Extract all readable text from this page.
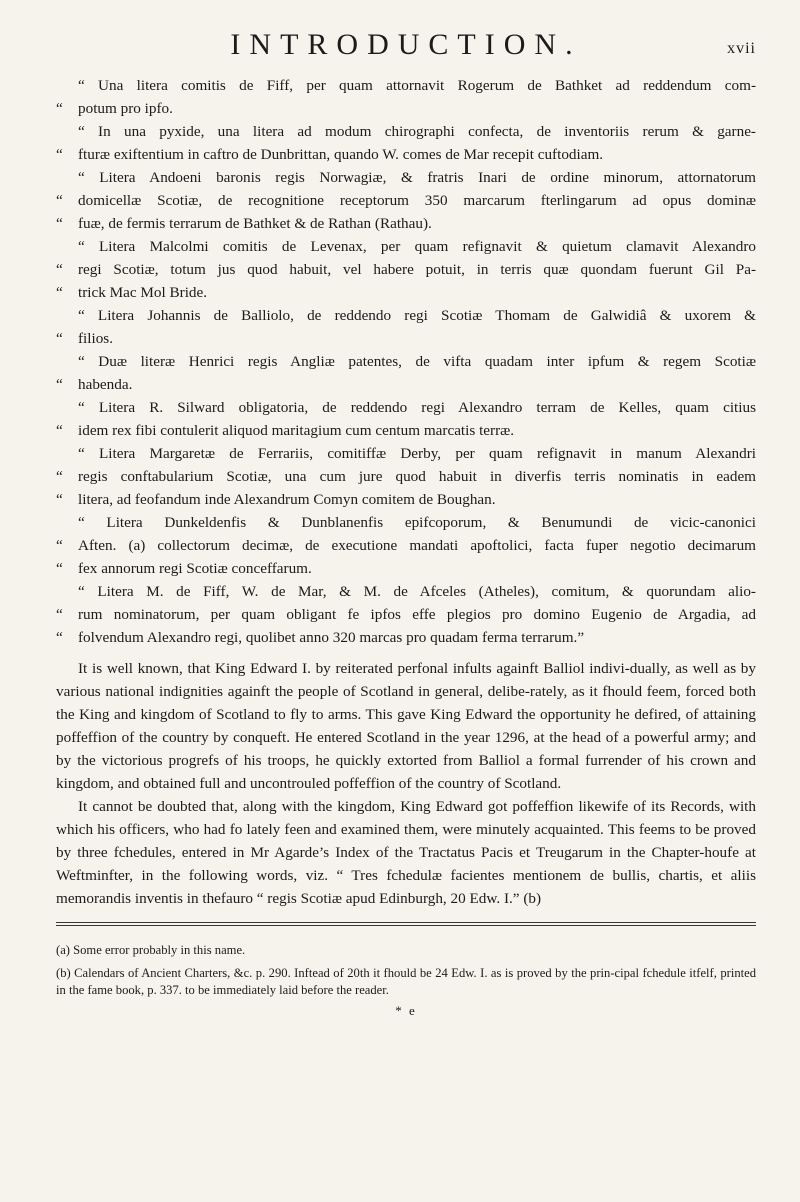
INTRODUCTION.	xvii
“ Una litera comitis de Fiff, per quam attornavit Rogerum de Bathket ad reddendum com-
“ potum pro ipfo.
“ In una pyxide, una litera ad modum chirographi confecta, de inventoriis rerum & garne-
“ fturæ exiftentium in caftro de Dunbrittan, quando W. comes de Mar recepit cuftodiam.
“ Litera Andoeni baronis regis Norwagiæ, & fratris Inari de ordine minorum, attornatorum
“ domicellæ Scotiæ, de recognitione receptorum 350 marcarum fterlingarum ad opus dominæ
“ fuæ, de fermis terrarum de Bathket & de Rathan (Rathau).
“ Litera Malcolmi comitis de Levenax, per quam refignavit & quietum clamavit Alexandro
“ regi Scotiæ, totum jus quod habuit, vel habere potuit, in terris quæ quondam fuerunt Gil Pa-
“ trick Mac Mol Bride.
“ Litera Johannis de Balliolo, de reddendo regi Scotiæ Thomam de Galwidiâ & uxorem &
“ filios.
“ Duæ literæ Henrici regis Angliæ patentes, de vifta quadam inter ipfum & regem Scotiæ
“ habenda.
“ Litera R. Silward obligatoria, de reddendo regi Alexandro terram de Kelles, quam citius
“ idem rex fibi contulerit aliquod maritagium cum centum marcatis terræ.
“ Litera Margaretæ de Ferrariis, comitiffæ Derby, per quam refignavit in manum Alexandri
“ regis conftabularium Scotiæ, una cum jure quod habuit in diverfis terris nominatis in eadem
“ litera, ad feofandum inde Alexandrum Comyn comitem de Boughan.
“ Litera Dunkeldenfis & Dunblanenfis epifcoporum, & Benumundi de vicic-canonici
“ Aften. (a) collectorum decimæ, de executione mandati apoftolici, facta fuper negotio decimarum
“ fex annorum regi Scotiæ conceffarum.
“ Litera M. de Fiff, W. de Mar, & M. de Afceles (Atheles), comitum, & quorundam alio-
“ rum nominatorum, per quam obligant fe ipfos effe plegios pro domino Eugenio de Argadia, ad
“ folvendum Alexandro regi, quolibet anno 320 marcas pro quadam ferma terrarum.”

It is well known, that King Edward I. by reiterated perfonal infults againft Balliol indivi-dually, as well as by various national indignities againft the people of Scotland in general, delibe-rately, as it fhould feem, forced both the King and kingdom of Scotland to fly to arms. This gave King Edward the opportunity he defired, of attaining poffeffion of the country by conqueft. He entered Scotland in the year 1296, at the head of a powerful army; and by the victorious progrefs of his troops, he quickly extorted from Balliol a formal furrender of his crown and kingdom, and obtained full and uncontrouled poffeffion of the country of Scotland.

It cannot be doubted that, along with the kingdom, King Edward got poffeffion likewife of its Records, with which his officers, who had fo lately feen and examined them, were minutely acquainted. This feems to be proved by three fchedules, entered in Mr Agarde’s Index of the Tractatus Pacis et Treugarum in the Chapter-houfe at Weftminfter, in the following words, viz. “ Tres fchedulæ facientes mentionem de bullis, chartis, et aliis memorandis inventis in thefauro “ regis Scotiæ apud Edinburgh, 20 Edw. I.” (b)

(a) Some error probably in this name.

(b) Calendars of Ancient Charters, &c. p. 290. Inftead of 20th it fhould be 24 Edw. I. as is proved by the prin-cipal fchedule itfelf, printed in the fame book, p. 337. to be immediately laid before the reader.

* e
